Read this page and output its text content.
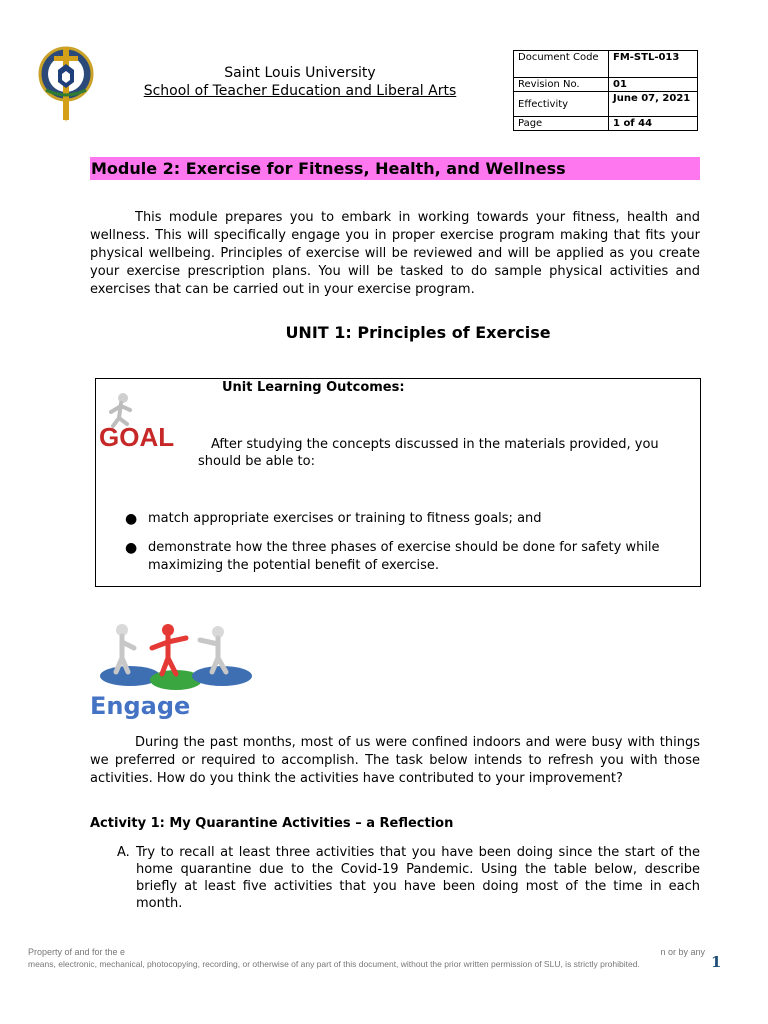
Saint Louis University
School of Teacher Education and Liberal Arts
Document Code	FM-STL-013
Revision No.	01
Effectivity	June 07, 2021
Page	1 of 44
Module 2: Exercise for Fitness, Health, and Wellness
This module prepares you to embark in working towards your fitness, health and wellness. This will specifically engage you in proper exercise program making that fits your physical wellbeing. Principles of exercise will be reviewed and will be applied as you create your exercise prescription plans. You will be tasked to do sample physical activities and exercises that can be carried out in your exercise program.
UNIT 1: Principles of Exercise
GOAL
Unit Learning Outcomes:
After studying the concepts discussed in the materials provided, you should be able to:
● match appropriate exercises or training to fitness goals; and
● demonstrate how the three phases of exercise should be done for safety while maximizing the potential benefit of exercise.
Engage
During the past months, most of us were confined indoors and were busy with things we preferred or required to accomplish. The task below intends to refresh you with those activities. How do you think the activities have contributed to your improvement?
Activity 1: My Quarantine Activities – a Reflection
A. Try to recall at least three activities that you have been doing since the start of the home quarantine due to the Covid-19 Pandemic. Using the table below, describe briefly at least five activities that you have been doing most of the time in each month.
Property of and for the e	n or by any
means, electronic, mechanical, photocopying, recording, or otherwise of any part of this document, without the prior written permission of SLU, is strictly prohibited.	1
